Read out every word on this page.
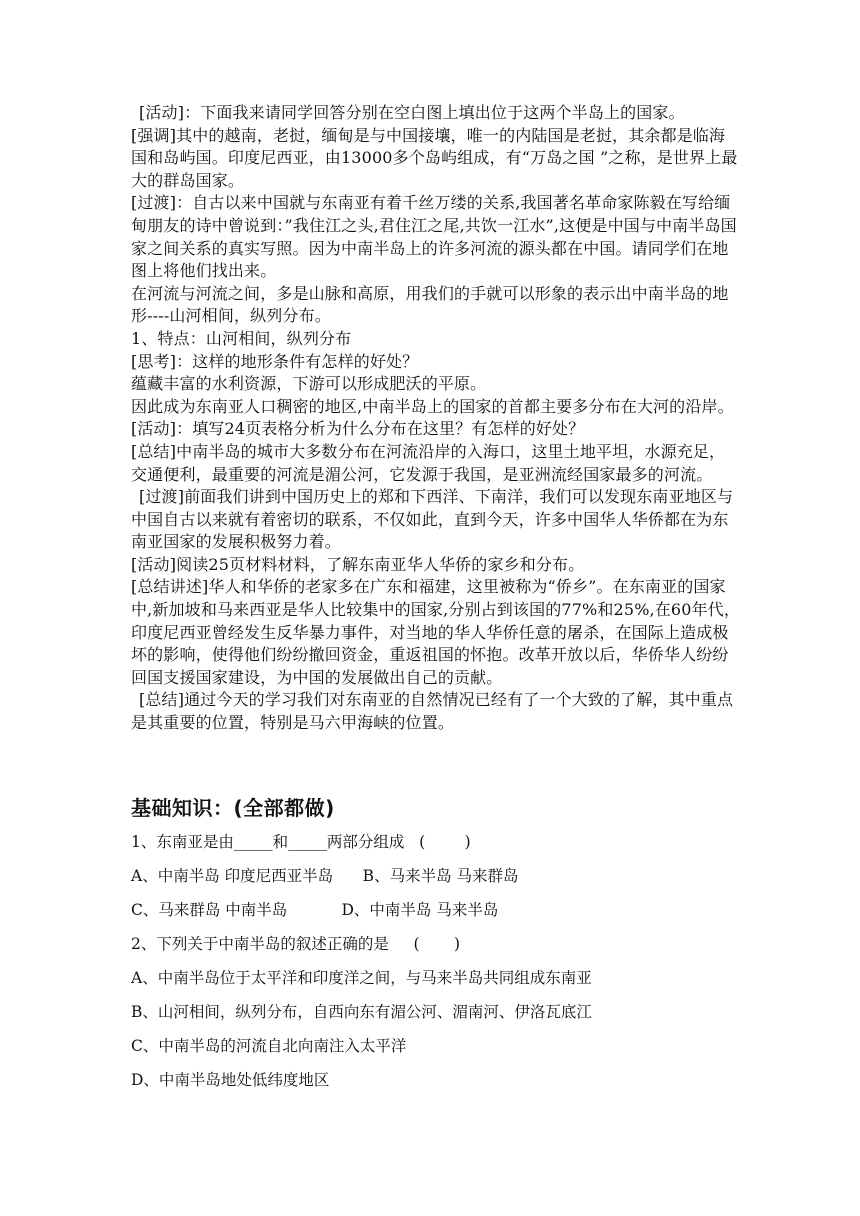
[活动]：下面我来请同学回答分别在空白图上填出位于这两个半岛上的国家。

[强调]其中的越南，老挝，缅甸是与中国接壤，唯一的内陆国是老挝，其余都是临海国和岛屿国。印度尼西亚，由13000多个岛屿组成，有“万岛之国 ”之称，是世界上最大的群岛国家。

[过渡]：自古以来中国就与东南亚有着千丝万缕的关系,我国著名革命家陈毅在写给缅甸朋友的诗中曾说到：”我住江之头,君住江之尾,共饮一江水”,这便是中国与中南半岛国家之间关系的真实写照。因为中南半岛上的许多河流的源头都在中国。请同学们在地图上将他们找出来。

在河流与河流之间，多是山脉和高原，用我们的手就可以形象的表示出中南半岛的地形----山河相间，纵列分布。

1、特点：山河相间，纵列分布

[思考]：这样的地形条件有怎样的好处？

蕴藏丰富的水利资源，下游可以形成肥沃的平原。

因此成为东南亚人口稠密的地区,中南半岛上的国家的首都主要多分布在大河的沿岸。

[活动]：填写24页表格分析为什么分布在这里？有怎样的好处？

[总结]中南半岛的城市大多数分布在河流沿岸的入海口，这里土地平坦，水源充足，交通便利，最重要的河流是湄公河，它发源于我国，是亚洲流经国家最多的河流。

[过渡]前面我们讲到中国历史上的郑和下西洋、下南洋，我们可以发现东南亚地区与中国自古以来就有着密切的联系，不仅如此，直到今天，许多中国华人华侨都在为东南亚国家的发展积极努力着。

[活动]阅读25页材料材料，了解东南亚华人华侨的家乡和分布。

[总结讲述]华人和华侨的老家多在广东和福建，这里被称为“侨乡”。在东南亚的国家中,新加坡和马来西亚是华人比较集中的国家,分别占到该国的77%和25%,在60年代，印度尼西亚曾经发生反华暴力事件，对当地的华人华侨任意的屠杀，在国际上造成极坏的影响，使得他们纷纷撤回资金，重返祖国的怀抱。改革开放以后，华侨华人纷纷回国支援国家建设，为中国的发展做出自己的贡献。

[总结]通过今天的学习我们对东南亚的自然情况已经有了一个大致的了解，其中重点是其重要的位置，特别是马六甲海峡的位置。

基础知识：(全部都做)
1、东南亚是由_____和_____两部分组成   (        )
A、中南半岛 印度尼西亚半岛      B、马来半岛 马来群岛
C、马来群岛 中南半岛           D、中南半岛 马来半岛
2、下列关于中南半岛的叙述正确的是     (       )
A、中南半岛位于太平洋和印度洋之间，与马来半岛共同组成东南亚
B、山河相间，纵列分布，自西向东有湄公河、湄南河、伊洛瓦底江
C、中南半岛的河流自北向南注入太平洋
D、中南半岛地处低纬度地区
